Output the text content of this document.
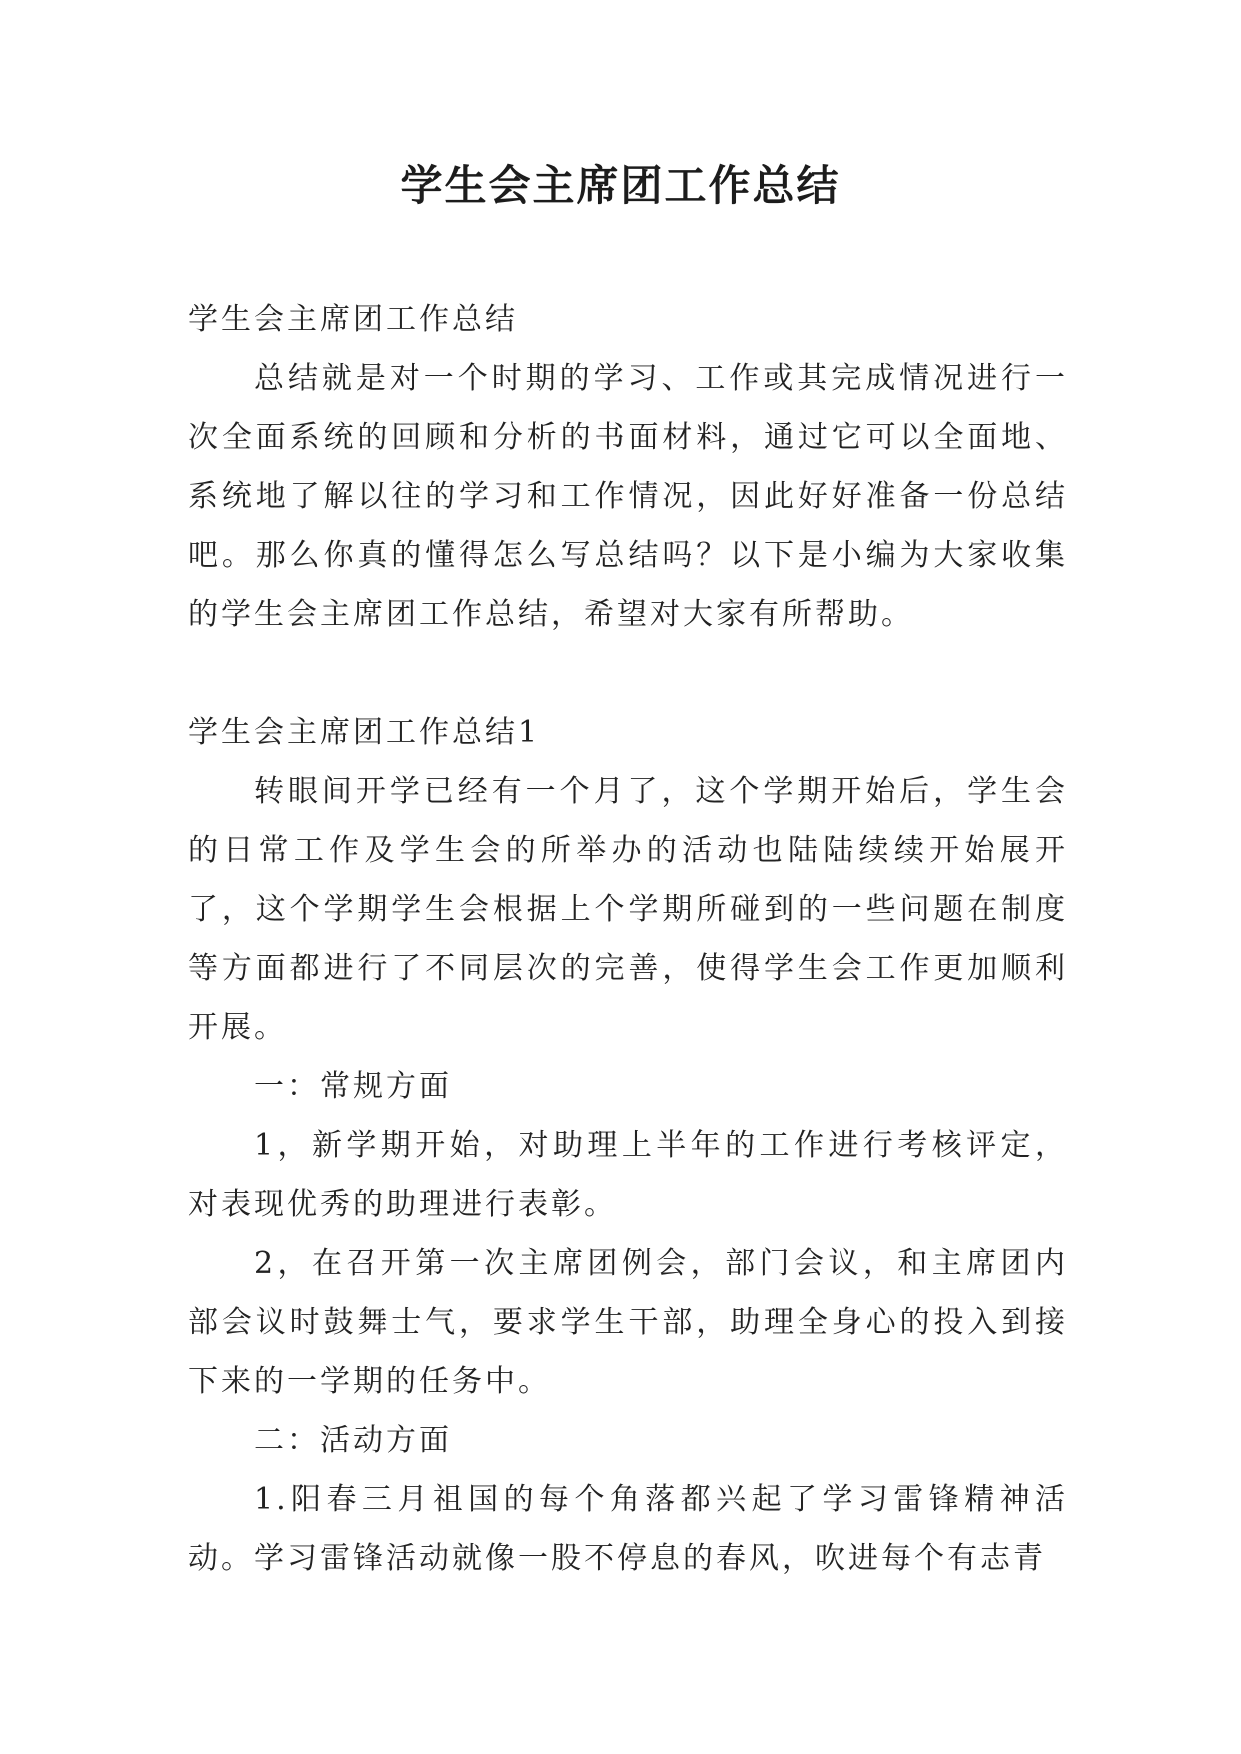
学生会主席团工作总结

学生会主席团工作总结

总结就是对一个时期的学习、工作或其完成情况进行一次全面系统的回顾和分析的书面材料，通过它可以全面地、系统地了解以往的学习和工作情况，因此好好准备一份总结吧。那么你真的懂得怎么写总结吗？以下是小编为大家收集的学生会主席团工作总结，希望对大家有所帮助。

学生会主席团工作总结1

转眼间开学已经有一个月了，这个学期开始后，学生会的日常工作及学生会的所举办的活动也陆陆续续开始展开了，这个学期学生会根据上个学期所碰到的一些问题在制度等方面都进行了不同层次的完善，使得学生会工作更加顺利开展。

一：常规方面

1，新学期开始，对助理上半年的工作进行考核评定，对表现优秀的助理进行表彰。

2，在召开第一次主席团例会，部门会议，和主席团内部会议时鼓舞士气，要求学生干部，助理全身心的投入到接下来的一学期的任务中。

二：活动方面

1.阳春三月祖国的每个角落都兴起了学习雷锋精神活动。学习雷锋活动就像一股不停息的春风，吹进每个有志青
